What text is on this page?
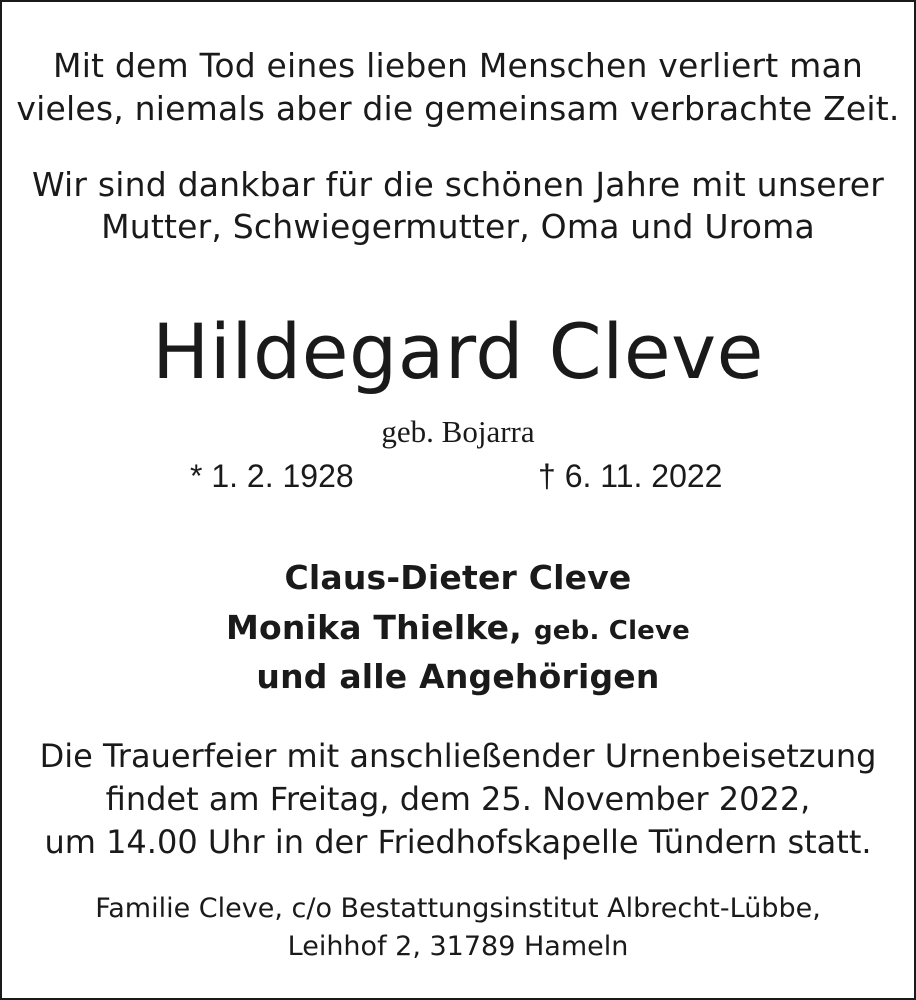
Mit dem Tod eines lieben Menschen verliert man
vieles, niemals aber die gemeinsam verbrachte Zeit.
Wir sind dankbar für die schönen Jahre mit unserer
Mutter, Schwiegermutter, Oma und Uroma
Hildegard Cleve
geb. Bojarra
* 1. 2. 1928	† 6. 11. 2022
Claus-Dieter Cleve
Monika Thielke, geb. Cleve
und alle Angehörigen
Die Trauerfeier mit anschließender Urnenbeisetzung
findet am Freitag, dem 25. November 2022,
um 14.00 Uhr in der Friedhofskapelle Tündern statt.
Familie Cleve, c/o Bestattungsinstitut Albrecht-Lübbe,
Leihhof 2, 31789 Hameln
